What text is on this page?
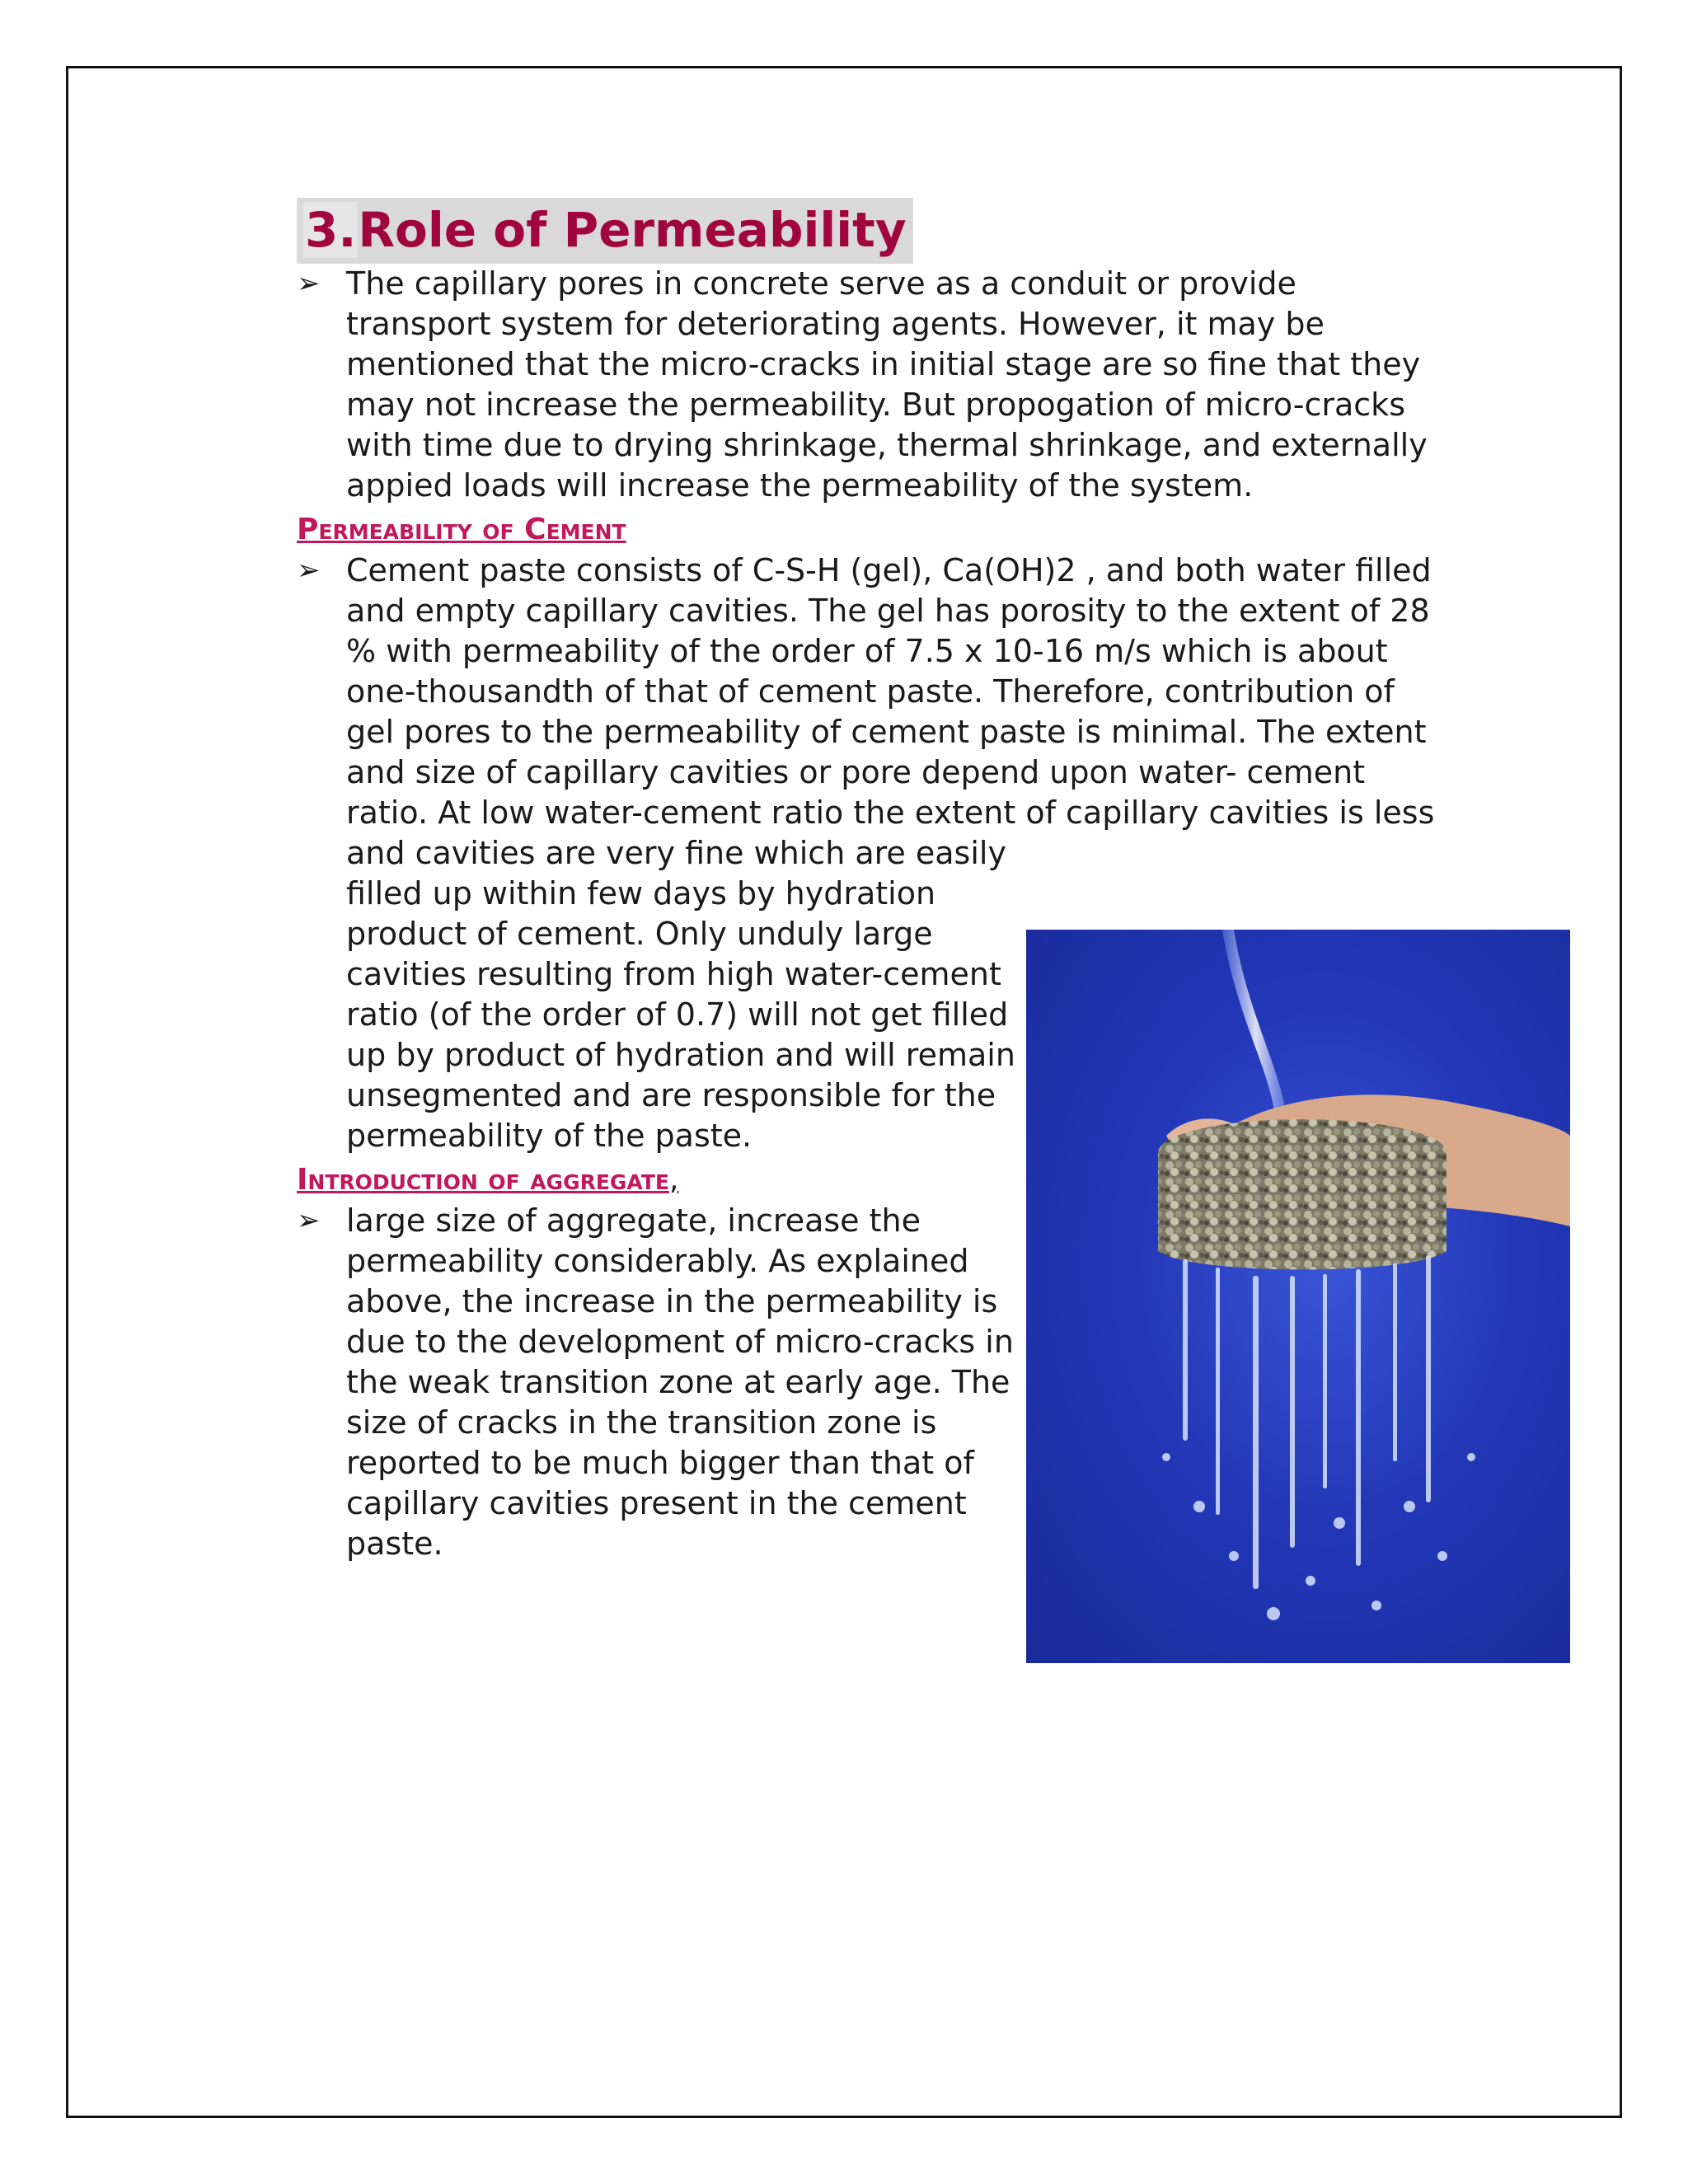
3.Role of Permeability

➢ The capillary pores in concrete serve as a conduit or provide transport system for deteriorating agents. However, it may be mentioned that the micro-cracks in initial stage are so fine that they may not increase the permeability. But propogation of micro-cracks with time due to drying shrinkage, thermal shrinkage, and externally appied loads will increase the permeability of the system.

Permeability of Cement

➢ Cement paste consists of C-S-H (gel), Ca(OH)2 , and both water filled and empty capillary cavities. The gel has porosity to the extent of 28 % with permeability of the order of 7.5 x 10-16 m/s which is about one-thousandth of that of cement paste. Therefore, contribution of gel pores to the permeability of cement paste is minimal. The extent and size of capillary cavities or pore depend upon water- cement ratio. At low water-cement ratio the extent of capillary cavities is less and cavities are very fine which are easily

filled up within few days by hydration product of cement. Only unduly large cavities resulting from high water-cement ratio (of the order of 0.7) will not get filled up by product of hydration and will remain unsegmented and are responsible for the permeability of the paste.

Introduction of aggregate,

➢ large size of aggregate, increase the permeability considerably. As explained above, the increase in the permeability is due to the development of micro-cracks in the weak transition zone at early age. The size of cracks in the transition zone is reported to be much bigger than that of capillary cavities present in the cement paste.
